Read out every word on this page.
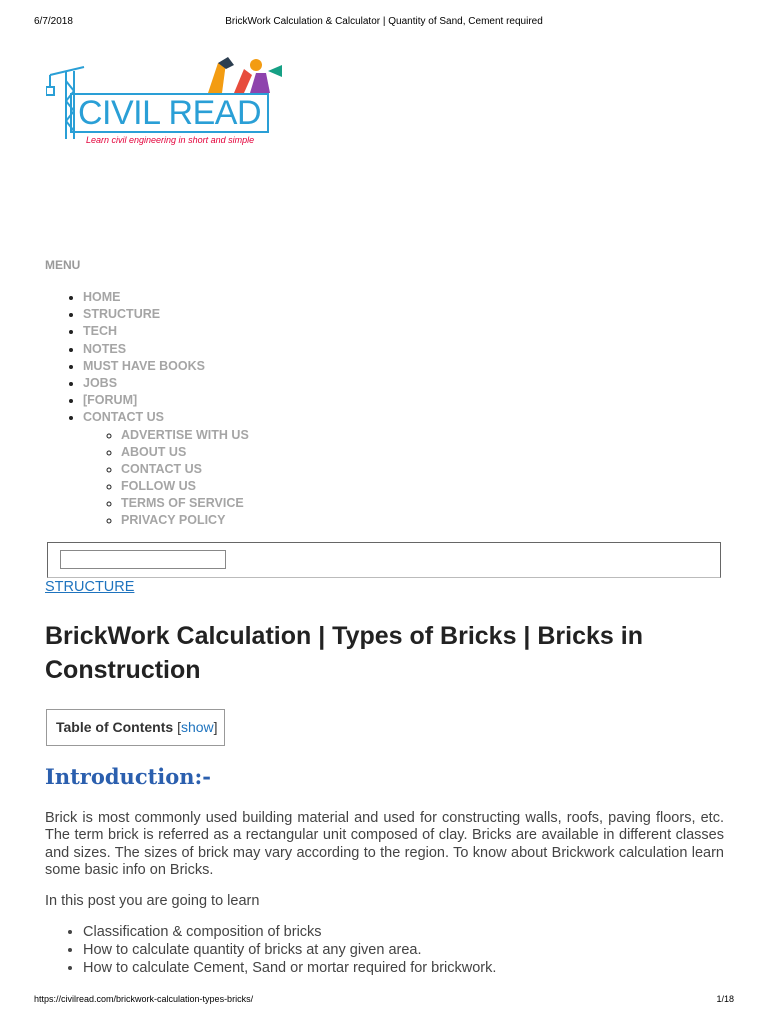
6/7/2018	BrickWork Calculation & Calculator | Quantity of Sand, Cement required
CIVIL READ
Learn civil engineering in short and simple
MENU
• HOME
• STRUCTURE
• TECH
• NOTES
• MUST HAVE BOOKS
• JOBS
• [FORUM]
• CONTACT US
◦ ADVERTISE WITH US
◦ ABOUT US
◦ CONTACT US
◦ FOLLOW US
◦ TERMS OF SERVICE
◦ PRIVACY POLICY
STRUCTURE
BrickWork Calculation | Types of Bricks | Bricks in Construction
Table of Contents [show]
Introduction:-

Brick is most commonly used building material and used for constructing walls, roofs, paving floors, etc. The term brick is referred as a rectangular unit composed of clay. Bricks are available in different classes and sizes. The sizes of brick may vary according to the region. To know about Brickwork calculation learn some basic info on Bricks.

In this post you are going to learn

• Classification & composition of bricks
• How to calculate quantity of bricks at any given area.
• How to calculate Cement, Sand or mortar required for brickwork.
https://civilread.com/brickwork-calculation-types-bricks/	1/18
